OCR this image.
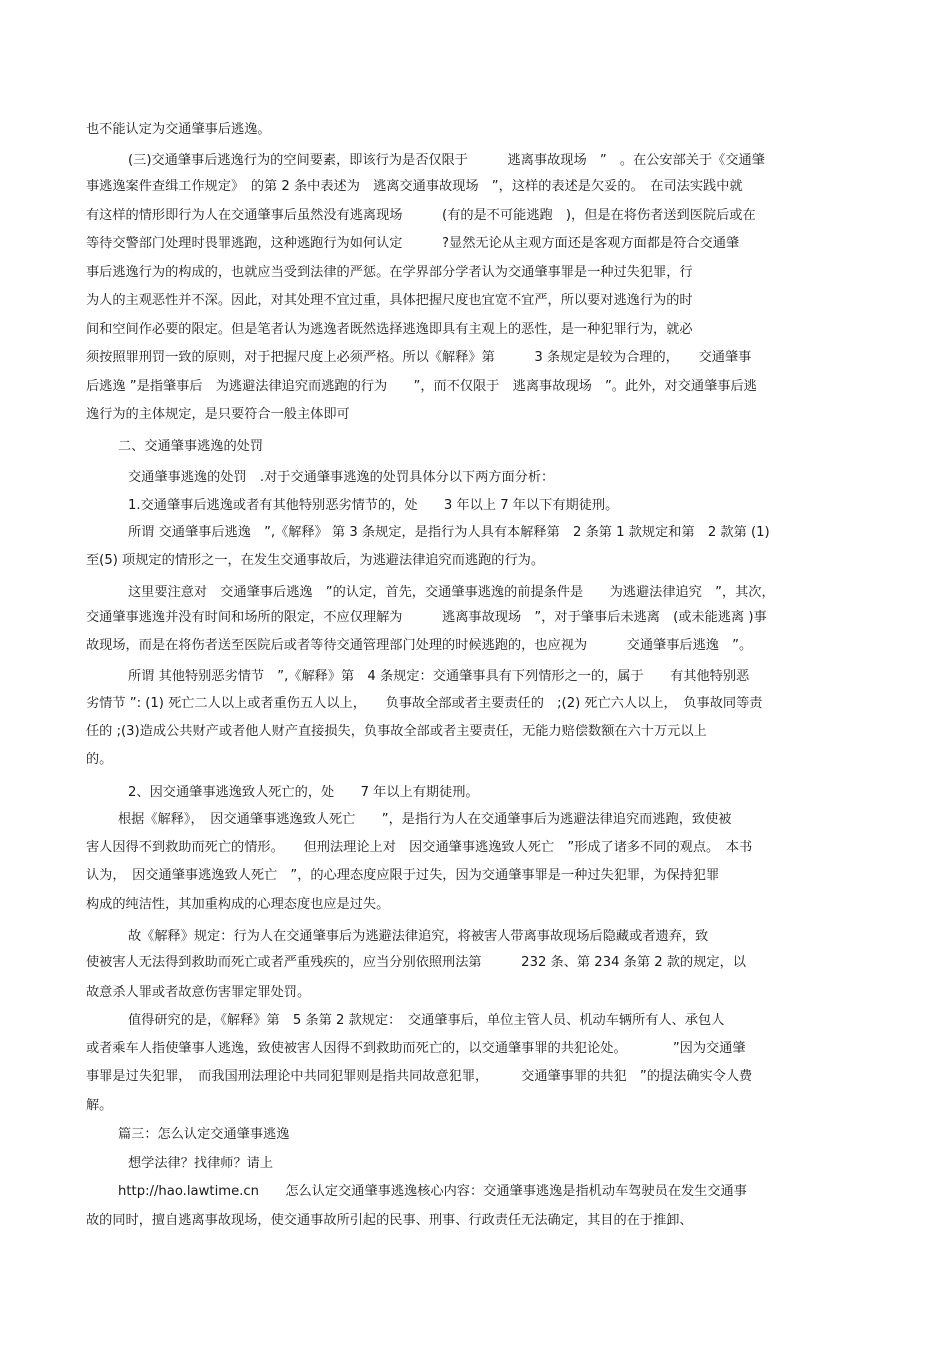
也不能认定为交通肇事后逃逸。
(三)交通肇事后逃逸行为的空间要素，即该行为是否仅限于　　　逃离事故现场　”　。在公安部关于《交通肇
事逃逸案件查缉工作规定》　的第 2 条中表述为　逃离交通事故现场　”，这样的表述是欠妥的。　在司法实践中就
有这样的情形即行为人在交通肇事后虽然没有逃离现场　　　(有的是不可能逃跑　)，但是在将伤者送到医院后或在
等待交警部门处理时畏罪逃跑，这种逃跑行为如何认定　　　?显然无论从主观方面还是客观方面都是符合交通肇
事后逃逸行为的构成的，也就应当受到法律的严惩。在学界部分学者认为交通肇事罪是一种过失犯罪，行
为人的主观恶性并不深。因此，对其处理不宜过重，具体把握尺度也宜宽不宜严，所以要对逃逸行为的时
间和空间作必要的限定。但是笔者认为逃逸者既然选择逃逸即具有主观上的恶性，是一种犯罪行为，就必
须按照罪刑罚一致的原则，对于把握尺度上必须严格。所以《解释》第　　　3 条规定是较为合理的，　　交通肇事
后逃逸 ”是指肇事后　为逃避法律追究而逃跑的行为　　”，而不仅限于　逃离事故现场　”。此外，对交通肇事后逃
逸行为的主体规定，是只要符合一般主体即可
二、交通肇事逃逸的处罚
交通肇事逃逸的处罚　.对于交通肇事逃逸的处罚具体分以下两方面分析：
1.交通肇事后逃逸或者有其他特别恶劣情节的，处　　3 年以上 7 年以下有期徒刑。
所谓 交通肇事后逃逸　”,《解释》 第 3 条规定，是指行为人具有本解释第　2 条第 1 款规定和第　2 款第 (1)
至(5) 项规定的情形之一，在发生交通事故后，为逃避法律追究而逃跑的行为。
这里要注意对　交通肇事后逃逸　”的认定，首先，交通肇事逃逸的前提条件是　　为逃避法律追究　”，其次，
交通肇事逃逸并没有时间和场所的限定，不应仅理解为　　　逃离事故现场　”，对于肇事后未逃离　(或未能逃离 )事
故现场，而是在将伤者送至医院后或者等待交通管理部门处理的时候逃跑的，也应视为　　　交通肇事后逃逸　”。
所谓 其他特别恶劣情节　”,《解释》第　4 条规定：交通肇事具有下列情形之一的，属于　　有其他特别恶
劣情节 ”: (1) 死亡二人以上或者重伤五人以上，　　负事故全部或者主要责任的　;(2) 死亡六人以上，　负事故同等责
任的 ;(3)造成公共财产或者他人财产直接损失，负事故全部或者主要责任，无能力赔偿数额在六十万元以上
的。
2、因交通肇事逃逸致人死亡的，处　　7 年以上有期徒刑。
根据《解释》，　因交通肇事逃逸致人死亡　　”，是指行为人在交通肇事后为逃避法律追究而逃跑，致使被
害人因得不到救助而死亡的情形。　　但刑法理论上对　因交通肇事逃逸致人死亡　”形成了诸多不同的观点。　本书
认为，　因交通肇事逃逸致人死亡　”，的心理态度应限于过失，因为交通肇事罪是一种过失犯罪，为保持犯罪
构成的纯洁性，其加重构成的心理态度也应是过失。
故《解释》规定：行为人在交通肇事后为逃避法律追究，将被害人带离事故现场后隐藏或者遗弃，致
使被害人无法得到救助而死亡或者严重残疾的，应当分别依照刑法第　　　232 条、第 234 条第 2 款的规定，以
故意杀人罪或者故意伤害罪定罪处罚。
值得研究的是，《解释》第　5 条第 2 款规定：　交通肇事后，单位主管人员、机动车辆所有人、承包人
或者乘车人指使肇事人逃逸，致使被害人因得不到救助而死亡的，以交通肇事罪的共犯论处。　　　　”因为交通肇
事罪是过失犯罪，　而我国刑法理论中共同犯罪则是指共同故意犯罪，　　　交通肇事罪的共犯　”的提法确实令人费
解。
篇三：怎么认定交通肇事逃逸
想学法律？找律师？请上
http://hao.lawtime.cn　　怎么认定交通肇事逃逸核心内容：交通肇事逃逸是指机动车驾驶员在发生交通事
故的同时，擅自逃离事故现场，使交通事故所引起的民事、刑事、行政责任无法确定，其目的在于推卸、
